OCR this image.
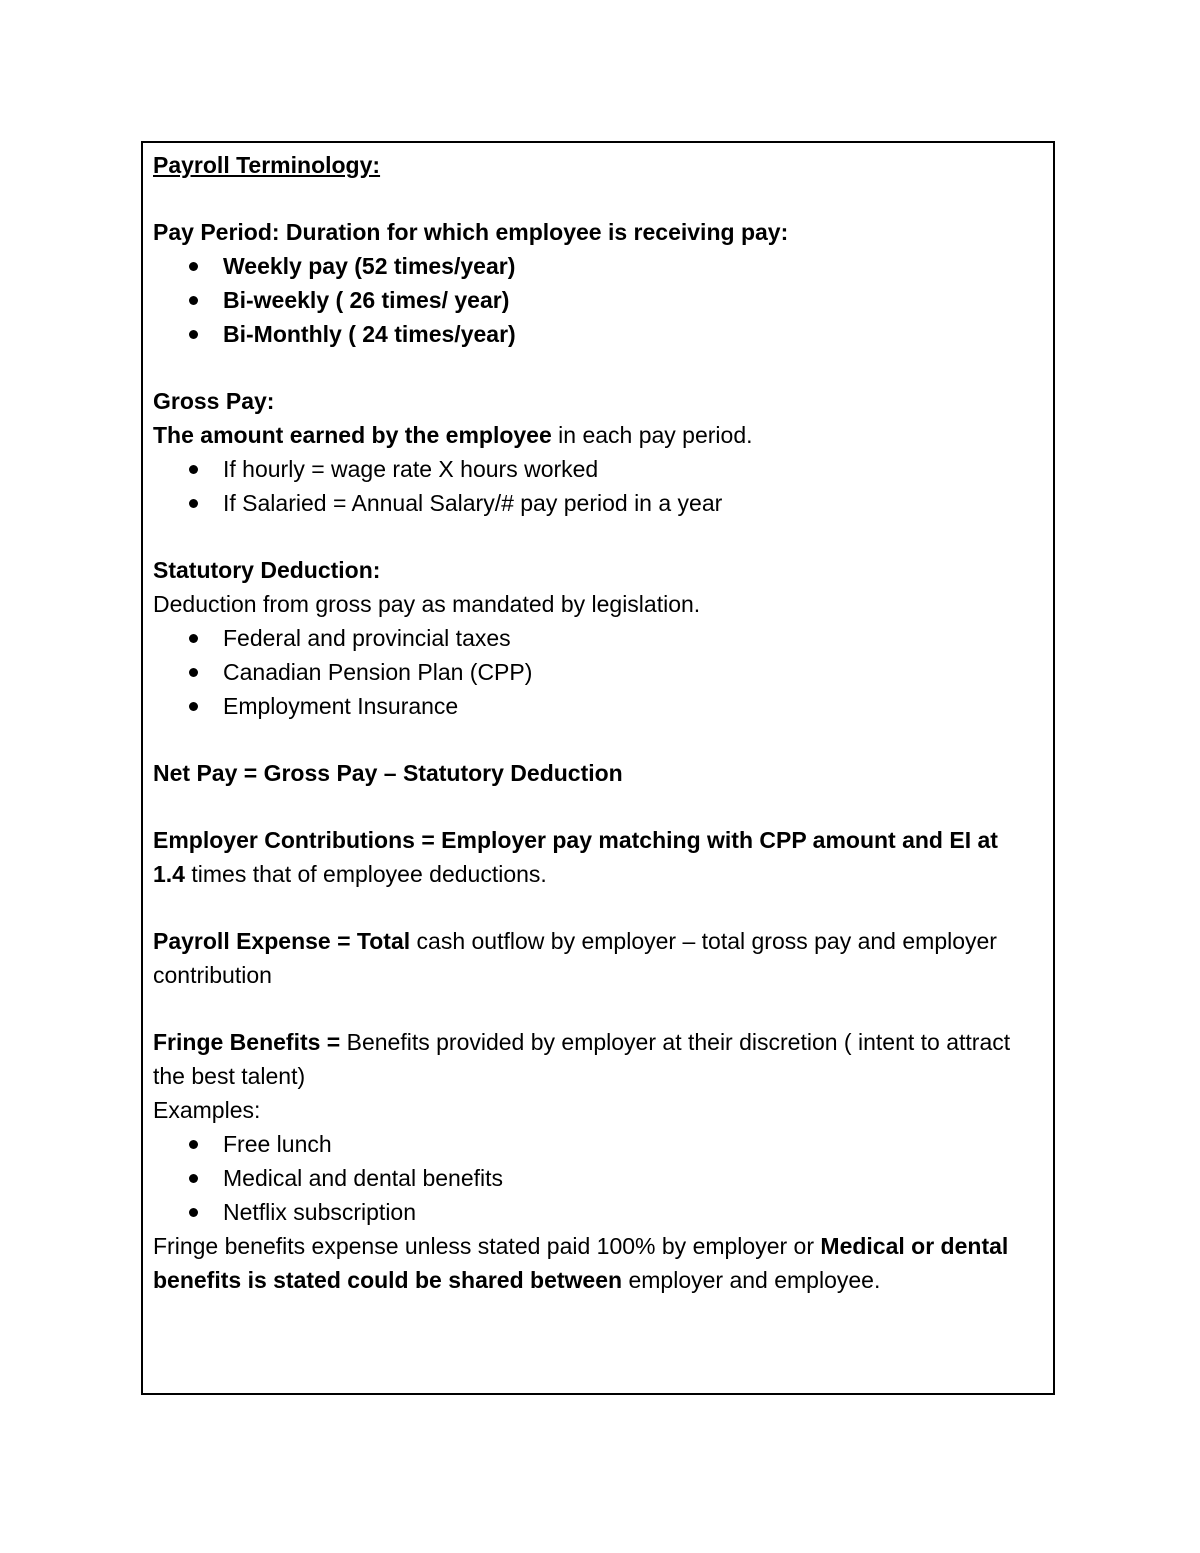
Payroll Terminology:

Pay Period: Duration for which employee is receiving pay:

Weekly pay (52 times/year)
Bi-weekly ( 26 times/ year)
Bi-Monthly ( 24 times/year)

Gross Pay:

The amount earned by the employee in each pay period.

If hourly = wage rate X hours worked
If Salaried = Annual Salary/# pay period in a year

Statutory Deduction:

Deduction from gross pay as mandated by legislation.

Federal and provincial taxes
Canadian Pension Plan (CPP)
Employment Insurance

Net Pay = Gross Pay – Statutory Deduction

Employer Contributions = Employer pay matching with CPP amount and EI at 1.4 times that of employee deductions.

Payroll Expense = Total cash outflow by employer – total gross pay and employer contribution

Fringe Benefits = Benefits provided by employer at their discretion ( intent to attract the best talent)

Examples:

Free lunch
Medical and dental benefits
Netflix subscription

Fringe benefits expense unless stated paid 100% by employer or Medical or dental benefits is stated could be shared between employer and employee.
